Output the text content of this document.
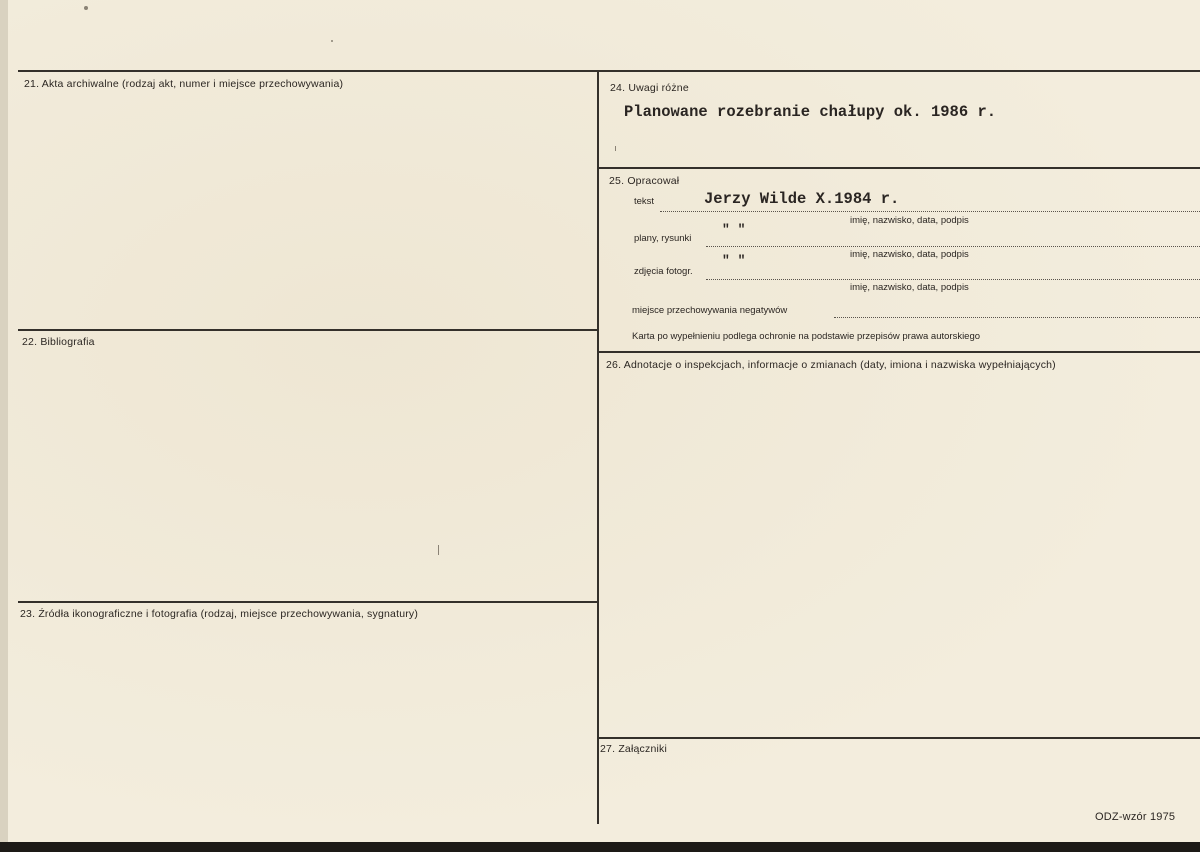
21. Akta archiwalne (rodzaj akt, numer i miejsce przechowywania)
22. Bibliografia
23. Źródła ikonograficzne i fotografia (rodzaj, miejsce przechowywania, sygnatury)
24. Uwagi różne
Planowane rozebranie chałupy ok. 1986 r.
25. Opracował
tekst	Jerzy Wilde X.1984 r.
imię, nazwisko, data, podpis
plany, rysunki
" "
imię, nazwisko, data, podpis
zdjęcia fotogr.
" "
imię, nazwisko, data, podpis
miejsce przechowywania negatywów
Karta po wypełnieniu podlega ochronie na podstawie przepisów prawa autorskiego
26. Adnotacje o inspekcjach, informacje o zmianach (daty, imiona i nazwiska wypełniających)
27. Załączniki
ODZ-wzór 1975
